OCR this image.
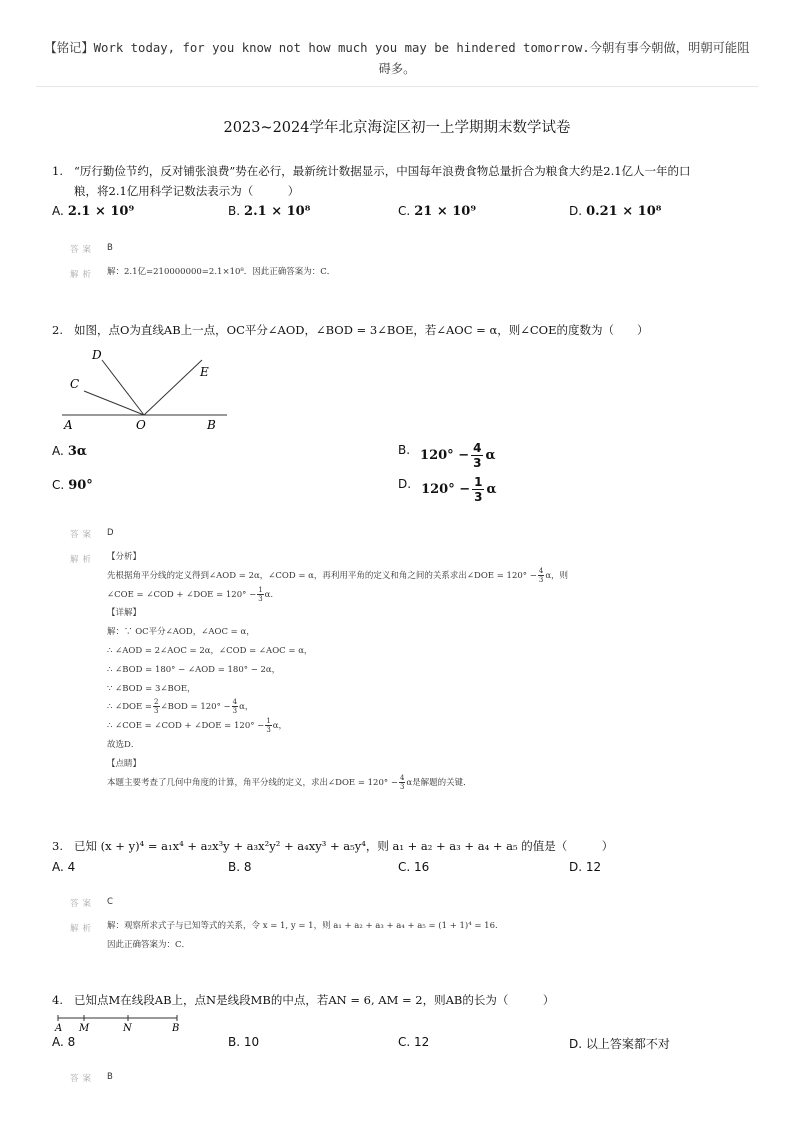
【铭记】Work today, for you know not how much you may be hindered tomorrow.今朝有事今朝做，明朝可能阻碍多。
2023~2024学年北京海淀区初一上学期期末数学试卷
1. “厉行勤俭节约，反对铺张浪费”势在必行，最新统计数据显示，中国每年浪费食物总量折合为粮食大约是2.1亿人一年的口
粮，将2.1亿用科学记数法表示为（　　　）
A. 2.1 × 10⁹	B. 2.1 × 10⁸	C. 21 × 10⁹	D. 0.21 × 10⁸
答案 B
解析 解：2.1亿=210000000=2.1×10⁸．因此正确答案为：C．
2. 如图，点O为直线AB上一点，OC平分∠AOD，∠BOD = 3∠BOE，若∠AOC = α，则∠COE的度数为（　　）
D
C
E
A	O	B
A. 3α	B. $120^\circ - \frac{4}{3}$ α
C. 90°	D. $120^\circ - \frac{1}{3}$ α
答案 D
解析 【分析】
先根据角平分线的定义得到∠AOD = 2α，∠COD = α，再利用平角的定义和角之间的关系求出∠DOE = $120^\circ - \frac{4}{3}$ α，则
∠COE = ∠COD + ∠DOE = $120^\circ - \frac{1}{3} \alpha$.
【详解】
解：∵ OC平分∠AOD，∠AOC = α，
∴ ∠AOD = 2∠AOC = 2α，∠COD = ∠AOC = α，
∴ ∠BOD = 180° − ∠AOD = 180° − 2α，
∵ ∠BOD = 3∠BOE，
∴ ∠DOE = $\frac{2}{3}$ ∠BOD = $120^\circ - \frac{4}{3}$ α，
∴ ∠COE = ∠COD + ∠DOE = $120^\circ - \frac{1}{3}$ α，
故选D．
【点睛】
本题主要考查了几何中角度的计算，角平分线的定义，求出∠DOE = $120^\circ - \frac{4}{3}$ α是解题的关键．
3. 已知 (x + y)⁴ = a₁x⁴ + a₂x³y + a₃x²y² + a₄xy³ + a₅y⁴，则 a₁ + a₂ + a₃ + a₄ + a₅ 的值是（　　　）
A. 4	B. 8	C. 16	D. 12
答案 C
解析 解：观察所求式子与已知等式的关系，令 x = 1, y = 1，则 a₁ + a₂ + a₃ + a₄ + a₅ = (1 + 1)⁴ = 16.
因此正确答案为：C．
4. 已知点M在线段AB上，点N是线段MB的中点，若AN = 6, AM = 2，则AB的长为（　　　）
A M	N	B
A. 8	B. 10	C. 12	D. 以上答案都不对
答案 B
